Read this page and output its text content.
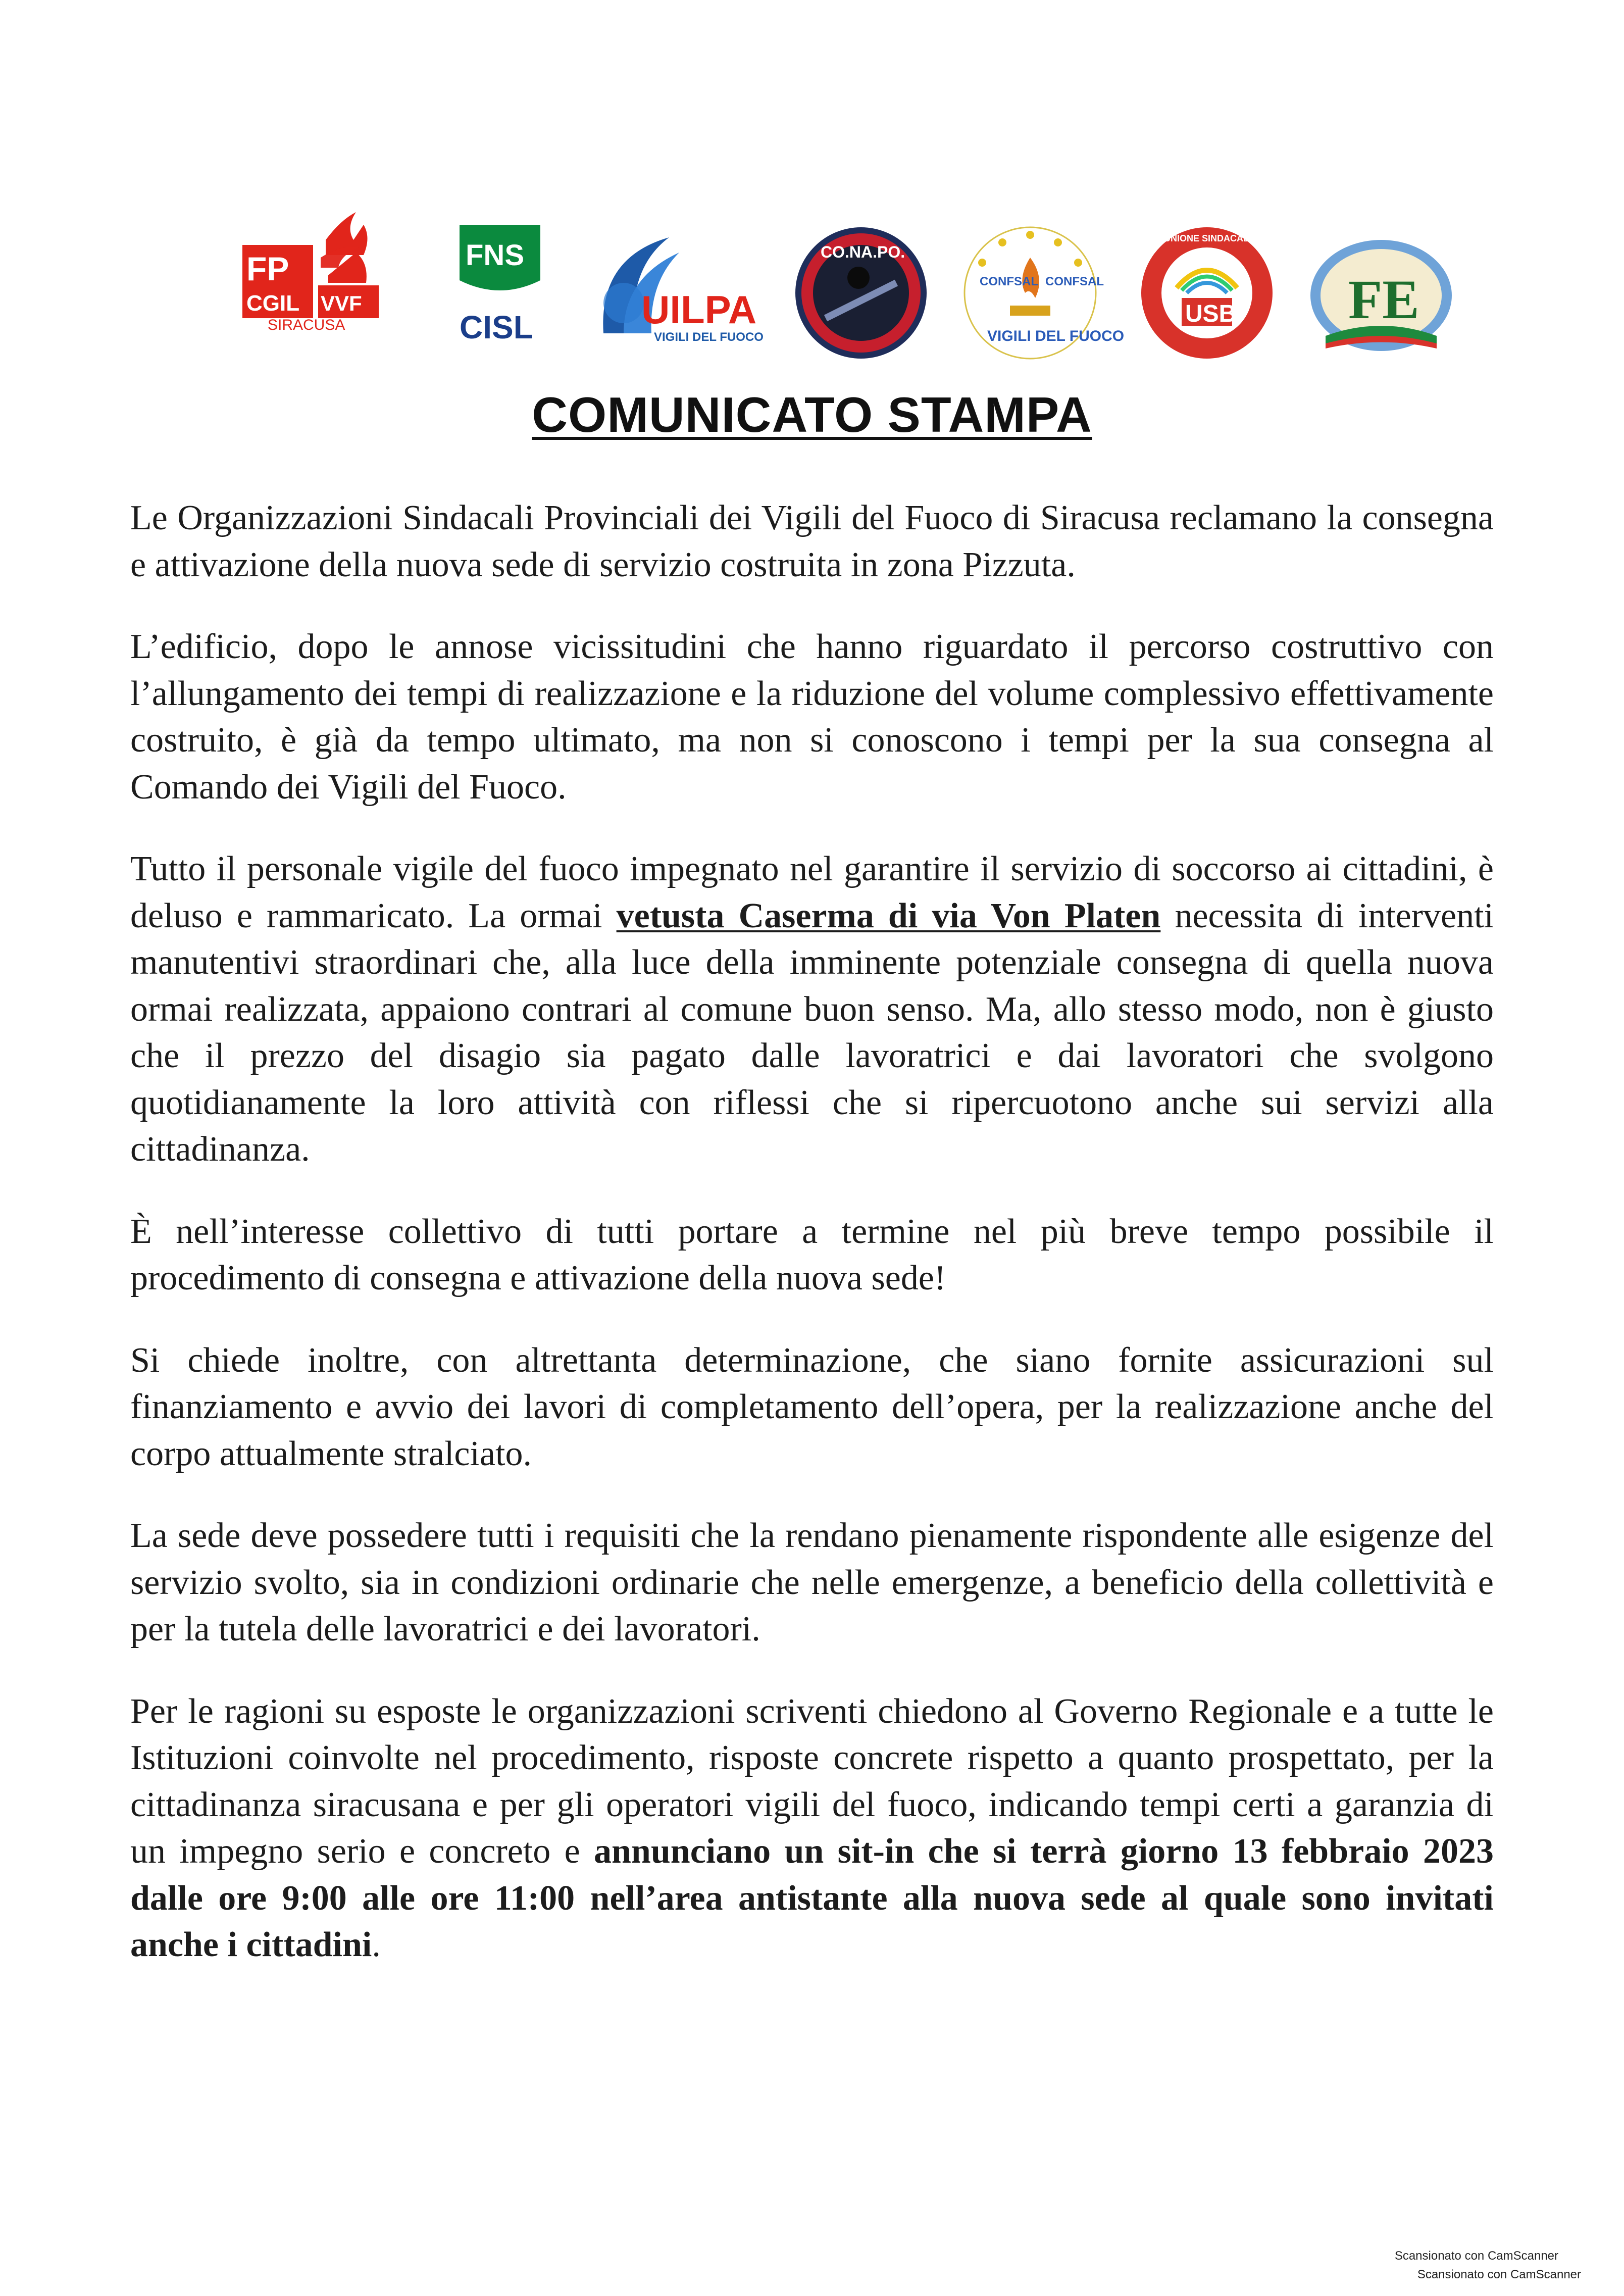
FP
CGIL VVF
SIRACUSA
FNS
CISL	UILPA
VIGILI DEL FUOCO
CO.NA.PO.
CONFSAL CONFSAL
VIGILI DEL FUOCO
USB
UNIONE SINDACALE DI BASE
FE
COMUNICATO STAMPA

Le Organizzazioni Sindacali Provinciali dei Vigili del Fuoco di Siracusa reclamano la consegna e attivazione della nuova sede di servizio costruita in zona Pizzuta.

L’edificio, dopo le annose vicissitudini che hanno riguardato il percorso costruttivo con l’allungamento dei tempi di realizzazione e la riduzione del volume complessivo effettivamente costruito, è già da tempo ultimato, ma non si conoscono i tempi per la sua consegna al Comando dei Vigili del Fuoco.

Tutto il personale vigile del fuoco impegnato nel garantire il servizio di soccorso ai cittadini, è deluso e rammaricato. La ormai vetusta Caserma di via Von Platen necessita di interventi manutentivi straordinari che, alla luce della imminente potenziale consegna di quella nuova ormai realizzata, appaiono contrari al comune buon senso. Ma, allo stesso modo, non è giusto che il prezzo del disagio sia pagato dalle lavoratrici e dai lavoratori che svolgono quotidianamente la loro attività con riflessi che si ripercuotono anche sui servizi alla cittadinanza.

È nell’interesse collettivo di tutti portare a termine nel più breve tempo possibile il procedimento di consegna e attivazione della nuova sede!

Si chiede inoltre, con altrettanta determinazione, che siano fornite assicurazioni sul finanziamento e avvio dei lavori di completamento dell’opera, per la realizzazione anche del corpo attualmente stralciato.

La sede deve possedere tutti i requisiti che la rendano pienamente rispondente alle esigenze del servizio svolto, sia in condizioni ordinarie che nelle emergenze, a beneficio della collettività e per la tutela delle lavoratrici e dei lavoratori.

Per le ragioni su esposte le organizzazioni scriventi chiedono al Governo Regionale e a tutte le Istituzioni coinvolte nel procedimento, risposte concrete rispetto a quanto prospettato, per la cittadinanza siracusana e per gli operatori vigili del fuoco, indicando tempi certi a garanzia di un impegno serio e concreto e annunciano un sit-in che si terrà giorno 13 febbraio 2023 dalle ore 9:00 alle ore 11:00 nell’area antistante alla nuova sede al quale sono invitati anche i cittadini.

Scansionato con CamScanner
Scansionato con CamScanner
